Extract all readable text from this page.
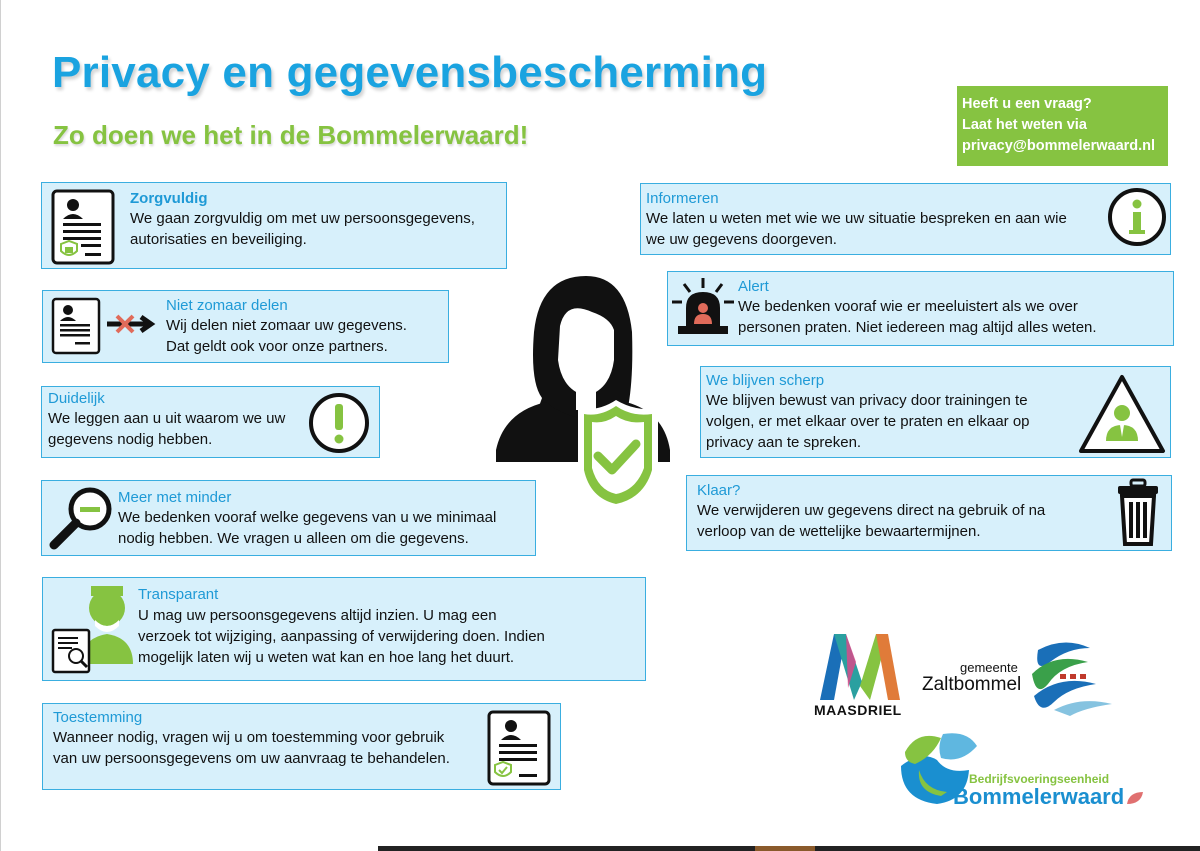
Privacy en gegevensbescherming
Zo doen we het in de Bommelerwaard!
Heeft u een vraag?
Laat het weten via
privacy@bommelerwaard.nl
Zorgvuldig
We gaan zorgvuldig om met uw persoonsgegevens,
autorisaties en beveiliging.
Niet zomaar delen
Wij delen niet zomaar uw gegevens.
Dat geldt ook voor onze partners.
Duidelijk
We leggen aan u uit waarom we uw
gegevens nodig hebben.
Meer met minder
We bedenken vooraf welke gegevens van u we minimaal
nodig hebben. We vragen u alleen om die gegevens.
Transparant
U mag uw persoonsgegevens altijd inzien. U mag een
verzoek tot wijziging, aanpassing of verwijdering doen. Indien
mogelijk laten wij u weten wat kan en hoe lang het duurt.
Toestemming
Wanneer nodig, vragen wij u om toestemming voor gebruik
van uw persoonsgegevens om uw aanvraag te behandelen.
Informeren
We laten u weten met wie we uw situatie bespreken en aan wie
we uw gegevens doorgeven.
Alert
We bedenken vooraf wie er meeluistert als we over
personen praten. Niet iedereen mag altijd alles weten.
We blijven scherp
We blijven bewust van privacy door trainingen te
volgen, er met elkaar over te praten en elkaar op
privacy aan te spreken.
Klaar?
We verwijderen uw gegevens direct na gebruik of na
verloop van de wettelijke bewaartermijnen.
MAASDRIEL
gemeente
Zaltbommel
Bedrijfsvoeringseenheid
Bommelerwaard
